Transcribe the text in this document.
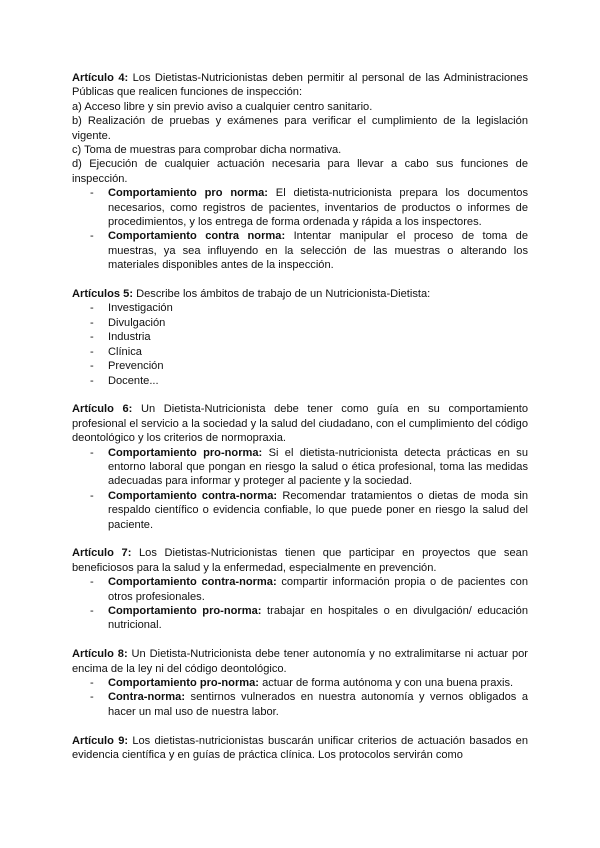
Artículo 4: Los Dietistas-Nutricionistas deben permitir al personal de las Administraciones Públicas que realicen funciones de inspección:

a) Acceso libre y sin previo aviso a cualquier centro sanitario.

b) Realización de pruebas y exámenes para verificar el cumplimiento de la legislación vigente.

c) Toma de muestras para comprobar dicha normativa.

d) Ejecución de cualquier actuación necesaria para llevar a cabo sus funciones de inspección.

- Comportamiento pro norma: El dietista-nutricionista prepara los documentos necesarios, como registros de pacientes, inventarios de productos o informes de procedimientos, y los entrega de forma ordenada y rápida a los inspectores.
- Comportamiento contra norma: Intentar manipular el proceso de toma de muestras, ya sea influyendo en la selección de las muestras o alterando los materiales disponibles antes de la inspección.

Artículos 5: Describe los ámbitos de trabajo de un Nutricionista-Dietista:

- Investigación
- Divulgación
- Industria
- Clínica
- Prevención
- Docente...

Artículo 6: Un Dietista-Nutricionista debe tener como guía en su comportamiento profesional el servicio a la sociedad y la salud del ciudadano, con el cumplimiento del código deontológico y los criterios de normopraxia.

- Comportamiento pro-norma: Si el dietista-nutricionista detecta prácticas en su entorno laboral que pongan en riesgo la salud o ética profesional, toma las medidas adecuadas para informar y proteger al paciente y la sociedad.
- Comportamiento contra-norma: Recomendar tratamientos o dietas de moda sin respaldo científico o evidencia confiable, lo que puede poner en riesgo la salud del paciente.

Artículo 7: Los Dietistas-Nutricionistas tienen que participar en proyectos que sean beneficiosos para la salud y la enfermedad, especialmente en prevención.

- Comportamiento contra-norma: compartir información propia o de pacientes con otros profesionales.
- Comportamiento pro-norma: trabajar en hospitales o en divulgación/ educación nutricional.

Artículo 8: Un Dietista-Nutricionista debe tener autonomía y no extralimitarse ni actuar por encima de la ley ni del código deontológico.

- Comportamiento pro-norma: actuar de forma autónoma y con una buena praxis.
- Contra-norma: sentirnos vulnerados en nuestra autonomía y vernos obligados a hacer un mal uso de nuestra labor.

Artículo 9: Los dietistas-nutricionistas buscarán unificar criterios de actuación basados en evidencia científica y en guías de práctica clínica. Los protocolos servirán como
